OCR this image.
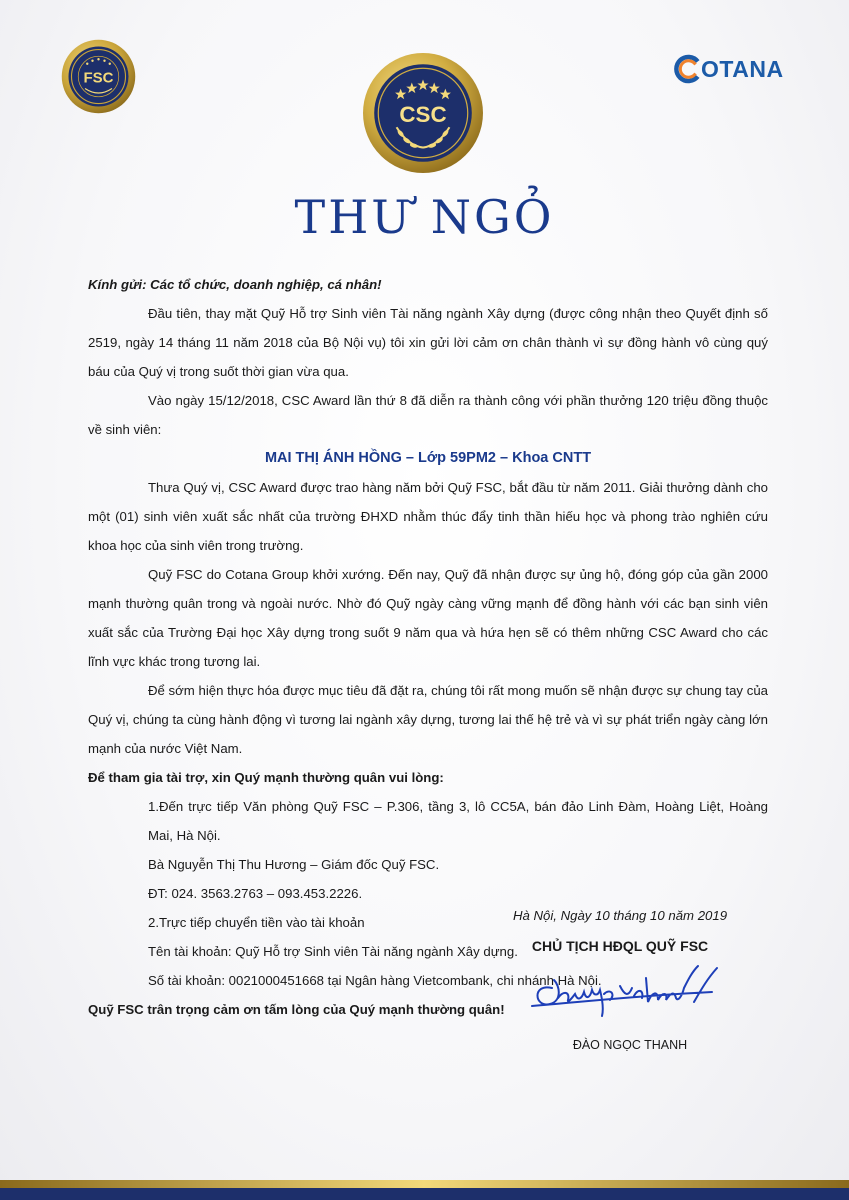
FSC
CSC
OTANA
THƯ NGỎ

Kính gửi: Các tổ chức, doanh nghiệp, cá nhân!

Đầu tiên, thay mặt Quỹ Hỗ trợ Sinh viên Tài năng ngành Xây dựng (được công nhận theo Quyết định số 2519, ngày 14 tháng 11 năm 2018 của Bộ Nội vụ) tôi xin gửi lời cảm ơn chân thành vì sự đồng hành vô cùng quý báu của Quý vị trong suốt thời gian vừa qua.

Vào ngày 15/12/2018, CSC Award lần thứ 8 đã diễn ra thành công với phần thưởng 120 triệu đồng thuộc về sinh viên:

MAI THỊ ÁNH HỒNG – Lớp 59PM2 – Khoa CNTT

Thưa Quý vị, CSC Award được trao hàng năm bởi Quỹ FSC, bắt đầu từ năm 2011. Giải thưởng dành cho một (01) sinh viên xuất sắc nhất của trường ĐHXD nhằm thúc đẩy tinh thần hiếu học và phong trào nghiên cứu khoa học của sinh viên trong trường.

Quỹ FSC do Cotana Group khởi xướng. Đến nay, Quỹ đã nhận được sự ủng hộ, đóng góp của gần 2000 mạnh thường quân trong và ngoài nước. Nhờ đó Quỹ ngày càng vững mạnh để đồng hành với các bạn sinh viên xuất sắc của Trường Đại học Xây dựng trong suốt 9 năm qua và hứa hẹn sẽ có thêm những CSC Award cho các lĩnh vực khác trong tương lai.

Để sớm hiện thực hóa được mục tiêu đã đặt ra, chúng tôi rất mong muốn sẽ nhận được sự chung tay của Quý vị, chúng ta cùng hành động vì tương lai ngành xây dựng, tương lai thế hệ trẻ và vì sự phát triển ngày càng lớn mạnh của nước Việt Nam.

Để tham gia tài trợ, xin Quý mạnh thường quân vui lòng:

1.Đến trực tiếp Văn phòng Quỹ FSC – P.306, tầng 3, lô CC5A, bán đảo Linh Đàm, Hoàng Liệt, Hoàng Mai, Hà Nội.

Bà Nguyễn Thị Thu Hương – Giám đốc Quỹ FSC.

ĐT: 024. 3563.2763 – 093.453.2226.

2.Trực tiếp chuyển tiền vào tài khoản

Tên tài khoản: Quỹ Hỗ trợ Sinh viên Tài năng ngành Xây dựng.

Số tài khoản: 0021000451668 tại Ngân hàng Vietcombank, chi nhánh Hà Nội.

Quỹ FSC trân trọng cảm ơn tấm lòng của Quý mạnh thường quân!

Hà Nội, Ngày 10 tháng 10 năm 2019
CHỦ TỊCH HĐQL QUỸ FSC
ĐÀO NGỌC THANH
